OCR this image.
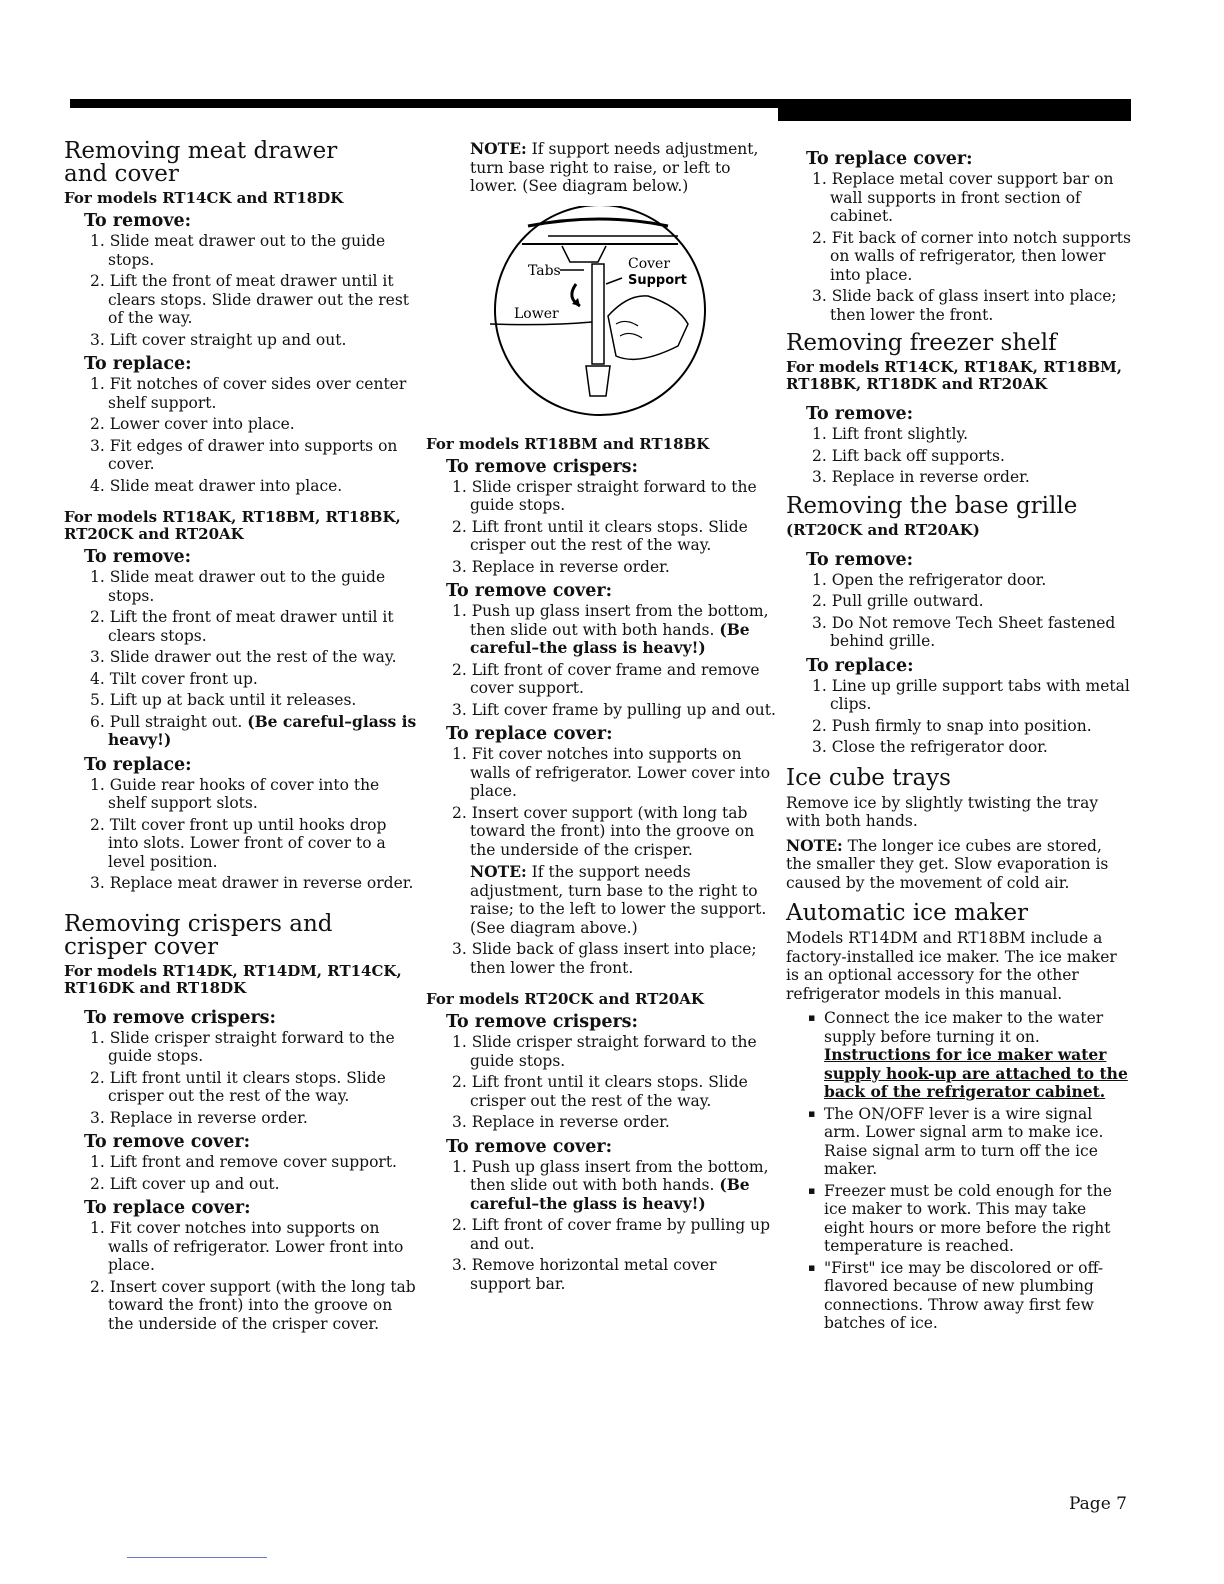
Removing meat drawer
and cover
For models RT14CK and RT18DK
To remove:
1. Slide meat drawer out to the guide stops.
2. Lift the front of meat drawer until it clears stops. Slide drawer out the rest of the way.
3. Lift cover straight up and out.
To replace:
1. Fit notches of cover sides over center shelf support.
2. Lower cover into place.
3. Fit edges of drawer into supports on cover.
4. Slide meat drawer into place.
For models RT18AK, RT18BM, RT18BK, RT20CK and RT20AK
To remove:
1. Slide meat drawer out to the guide stops.
2. Lift the front of meat drawer until it clears stops.
3. Slide drawer out the rest of the way.
4. Tilt cover front up.
5. Lift up at back until it releases.
6. Pull straight out. (Be careful–glass is heavy!)
To replace:
1. Guide rear hooks of cover into the shelf support slots.
2. Tilt cover front up until hooks drop into slots. Lower front of cover to a level position.
3. Replace meat drawer in reverse order.
Removing crispers and
crisper cover
For models RT14DK, RT14DM, RT14CK, RT16DK and RT18DK
To remove crispers:
1. Slide crisper straight forward to the guide stops.
2. Lift front until it clears stops. Slide crisper out the rest of the way.
3. Replace in reverse order.
To remove cover:
1. Lift front and remove cover support.
2. Lift cover up and out.
To replace cover:
1. Fit cover notches into supports on walls of refrigerator. Lower front into place.
2. Insert cover support (with the long tab toward the front) into the groove on the underside of the crisper cover.

NOTE: If support needs adjustment, turn base right to raise, or left to lower. (See diagram below.)

Tabs	Cover
Support
Lower
For models RT18BM and RT18BK
To remove crispers:
1. Slide crisper straight forward to the guide stops.
2. Lift front until it clears stops. Slide crisper out the rest of the way.
3. Replace in reverse order.
To remove cover:
1. Push up glass insert from the bottom, then slide out with both hands. (Be careful–the glass is heavy!)
2. Lift front of cover frame and remove cover support.
3. Lift cover frame by pulling up and out.
To replace cover:
1. Fit cover notches into supports on walls of refrigerator. Lower cover into place.
2. Insert cover support (with long tab toward the front) into the groove on the underside of the crisper.
NOTE: If the support needs adjustment, turn base to the right to raise; to the left to lower the support. (See diagram above.)
3. Slide back of glass insert into place; then lower the front.
For models RT20CK and RT20AK
To remove crispers:
1. Slide crisper straight forward to the guide stops.
2. Lift front until it clears stops. Slide crisper out the rest of the way.
3. Replace in reverse order.
To remove cover:
1. Push up glass insert from the bottom, then slide out with both hands. (Be careful–the glass is heavy!)
2. Lift front of cover frame by pulling up and out.
3. Remove horizontal metal cover support bar.
To replace cover:
1. Replace metal cover support bar on wall supports in front section of cabinet.
2. Fit back of corner into notch supports on walls of refrigerator, then lower into place.
3. Slide back of glass insert into place; then lower the front.
Removing freezer shelf
For models RT14CK, RT18AK, RT18BM, RT18BK, RT18DK and RT20AK
To remove:
1. Lift front slightly.
2. Lift back off supports.
3. Replace in reverse order.
Removing the base grille
(RT20CK and RT20AK)
To remove:
1. Open the refrigerator door.
2. Pull grille outward.
3. Do Not remove Tech Sheet fastened behind grille.
To replace:
1. Line up grille support tabs with metal clips.
2. Push firmly to snap into position.
3. Close the refrigerator door.
Ice cube trays

Remove ice by slightly twisting the tray with both hands.

NOTE: The longer ice cubes are stored, the smaller they get. Slow evaporation is caused by the movement of cold air.

Automatic ice maker

Models RT14DM and RT18BM include a factory-installed ice maker. The ice maker is an optional accessory for the other refrigerator models in this manual.

▪ Connect the ice maker to the water supply before turning it on. Instructions for ice maker water supply hook-up are attached to the back of the refrigerator cabinet.
▪ The ON/OFF lever is a wire signal arm. Lower signal arm to make ice. Raise signal arm to turn off the ice maker.
▪ Freezer must be cold enough for the ice maker to work. This may take eight hours or more before the right temperature is reached.
▪ "First" ice may be discolored or off-flavored because of new plumbing connections. Throw away first few batches of ice.
Page 7
